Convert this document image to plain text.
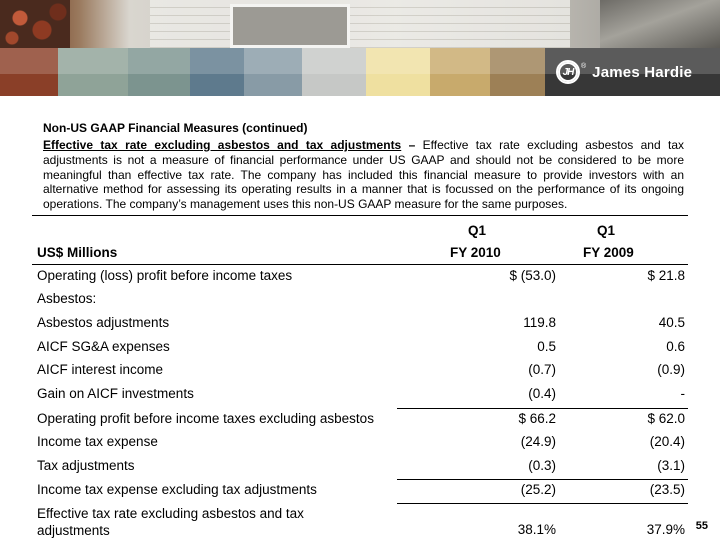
JH
® James Hardie
Non-US GAAP Financial Measures (continued)
Effective tax rate excluding asbestos and tax adjustments – Effective tax rate excluding asbestos and tax adjustments is not a measure of financial performance under US GAAP and should not be considered to be more meaningful than effective tax rate. The company has included this financial measure to provide investors with an alternative method for assessing its operating results in a manner that is focussed on the performance of its ongoing operations. The company’s management uses this non-US GAAP measure for the same purposes.
Q1	Q1
US$ Millions	FY 2010	FY 2009
Operating (loss) profit before income taxes	$ (53.0)	$ 21.8
Asbestos:
Asbestos adjustments	119.8	40.5
AICF SG&A expenses	0.5	0.6
AICF interest income	(0.7)	(0.9)
Gain on AICF investments	(0.4)	-
Operating profit before income taxes excluding asbestos	$ 66.2	$ 62.0
Income tax expense	(24.9)	(20.4)
Tax adjustments	(0.3)	(3.1)
Income tax expense excluding tax adjustments	(25.2)	(23.5)
Effective tax rate excluding asbestos and tax adjustments	38.1%	37.9% 55
